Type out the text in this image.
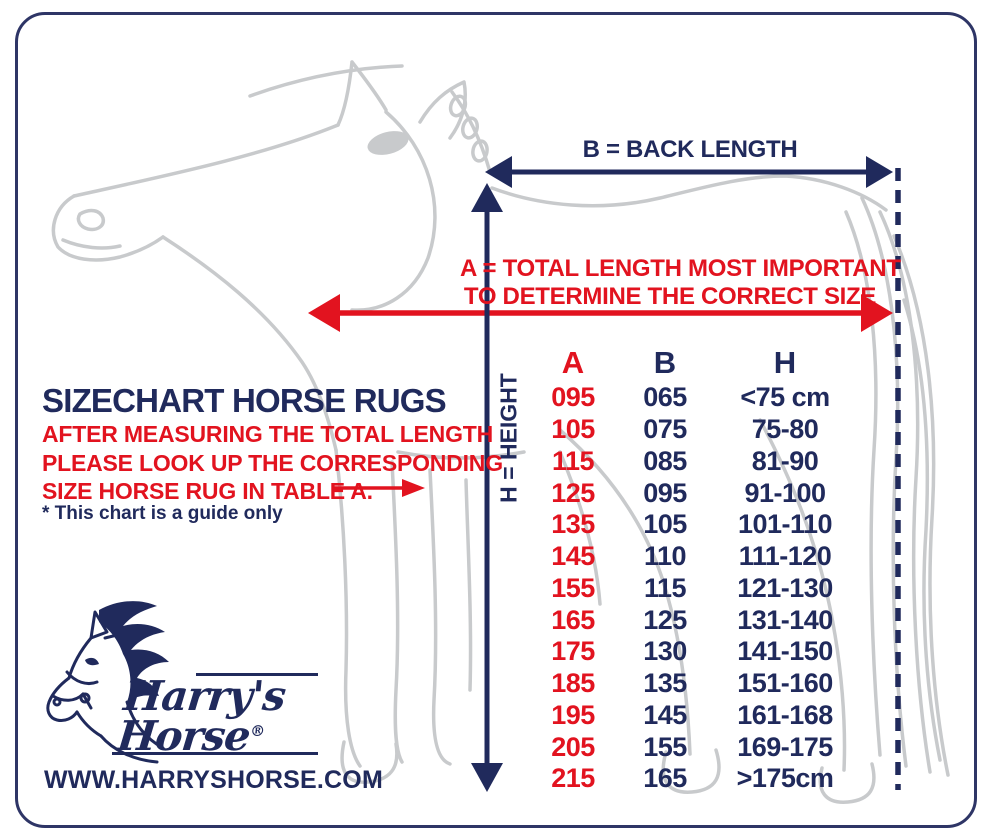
B = BACK LENGTH
A = TOTAL LENGTH MOST IMPORTANT
TO DETERMINE THE CORRECT SIZE
H = HEIGHT
SIZECHART HORSE RUGS
AFTER MEASURING THE TOTAL LENGTH
PLEASE LOOK UP THE CORRESPONDING
SIZE HORSE RUG IN TABLE A.
* This chart is a guide only
A	B	H
095	065	<75 cm
105	075	75-80
115	085	81-90
125	095	91-100
135	105	101-110
145	110	111-120
155	115	121-130
165	125	131-140
175	130	141-150
185	135	151-160
195	145	161-168
205	155	169-175
215	165	>175cm
Harry's
Horse®
WWW.HARRYSHORSE.COM
